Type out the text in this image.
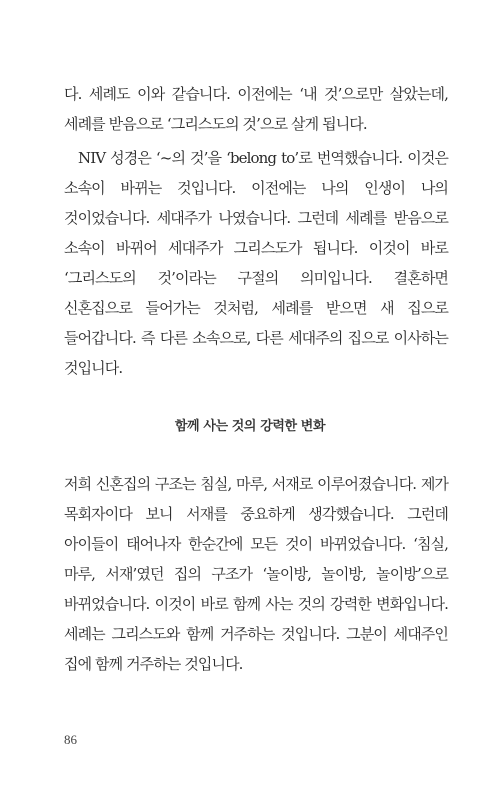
다. 세례도 이와 같습니다. 이전에는 ‘내 것’으로만 살았는데, 세례를 받음으로 ‘그리스도의 것’으로 살게 됩니다.

NIV 성경은 ‘~의 것’을 ‘belong to’로 번역했습니다. 이것은 소속이 바뀌는 것입니다. 이전에는 나의 인생이 나의 것이었습니다. 세대주가 나였습니다. 그런데 세례를 받음으로 소속이 바뀌어 세대주가 그리스도가 됩니다. 이것이 바로 ‘그리스도의 것’이라는 구절의 의미입니다. 결혼하면 신혼집으로 들어가는 것처럼, 세례를 받으면 새 집으로 들어갑니다. 즉 다른 소속으로, 다른 세대주의 집으로 이사하는 것입니다.

함께 사는 것의 강력한 변화

저희 신혼집의 구조는 침실, 마루, 서재로 이루어졌습니다. 제가 목회자이다 보니 서재를 중요하게 생각했습니다. 그런데 아이들이 태어나자 한순간에 모든 것이 바뀌었습니다. ‘침실, 마루, 서재’였던 집의 구조가 ‘놀이방, 놀이방, 놀이방’으로 바뀌었습니다. 이것이 바로 함께 사는 것의 강력한 변화입니다. 세례는 그리스도와 함께 거주하는 것입니다. 그분이 세대주인 집에 함께 거주하는 것입니다.

86
